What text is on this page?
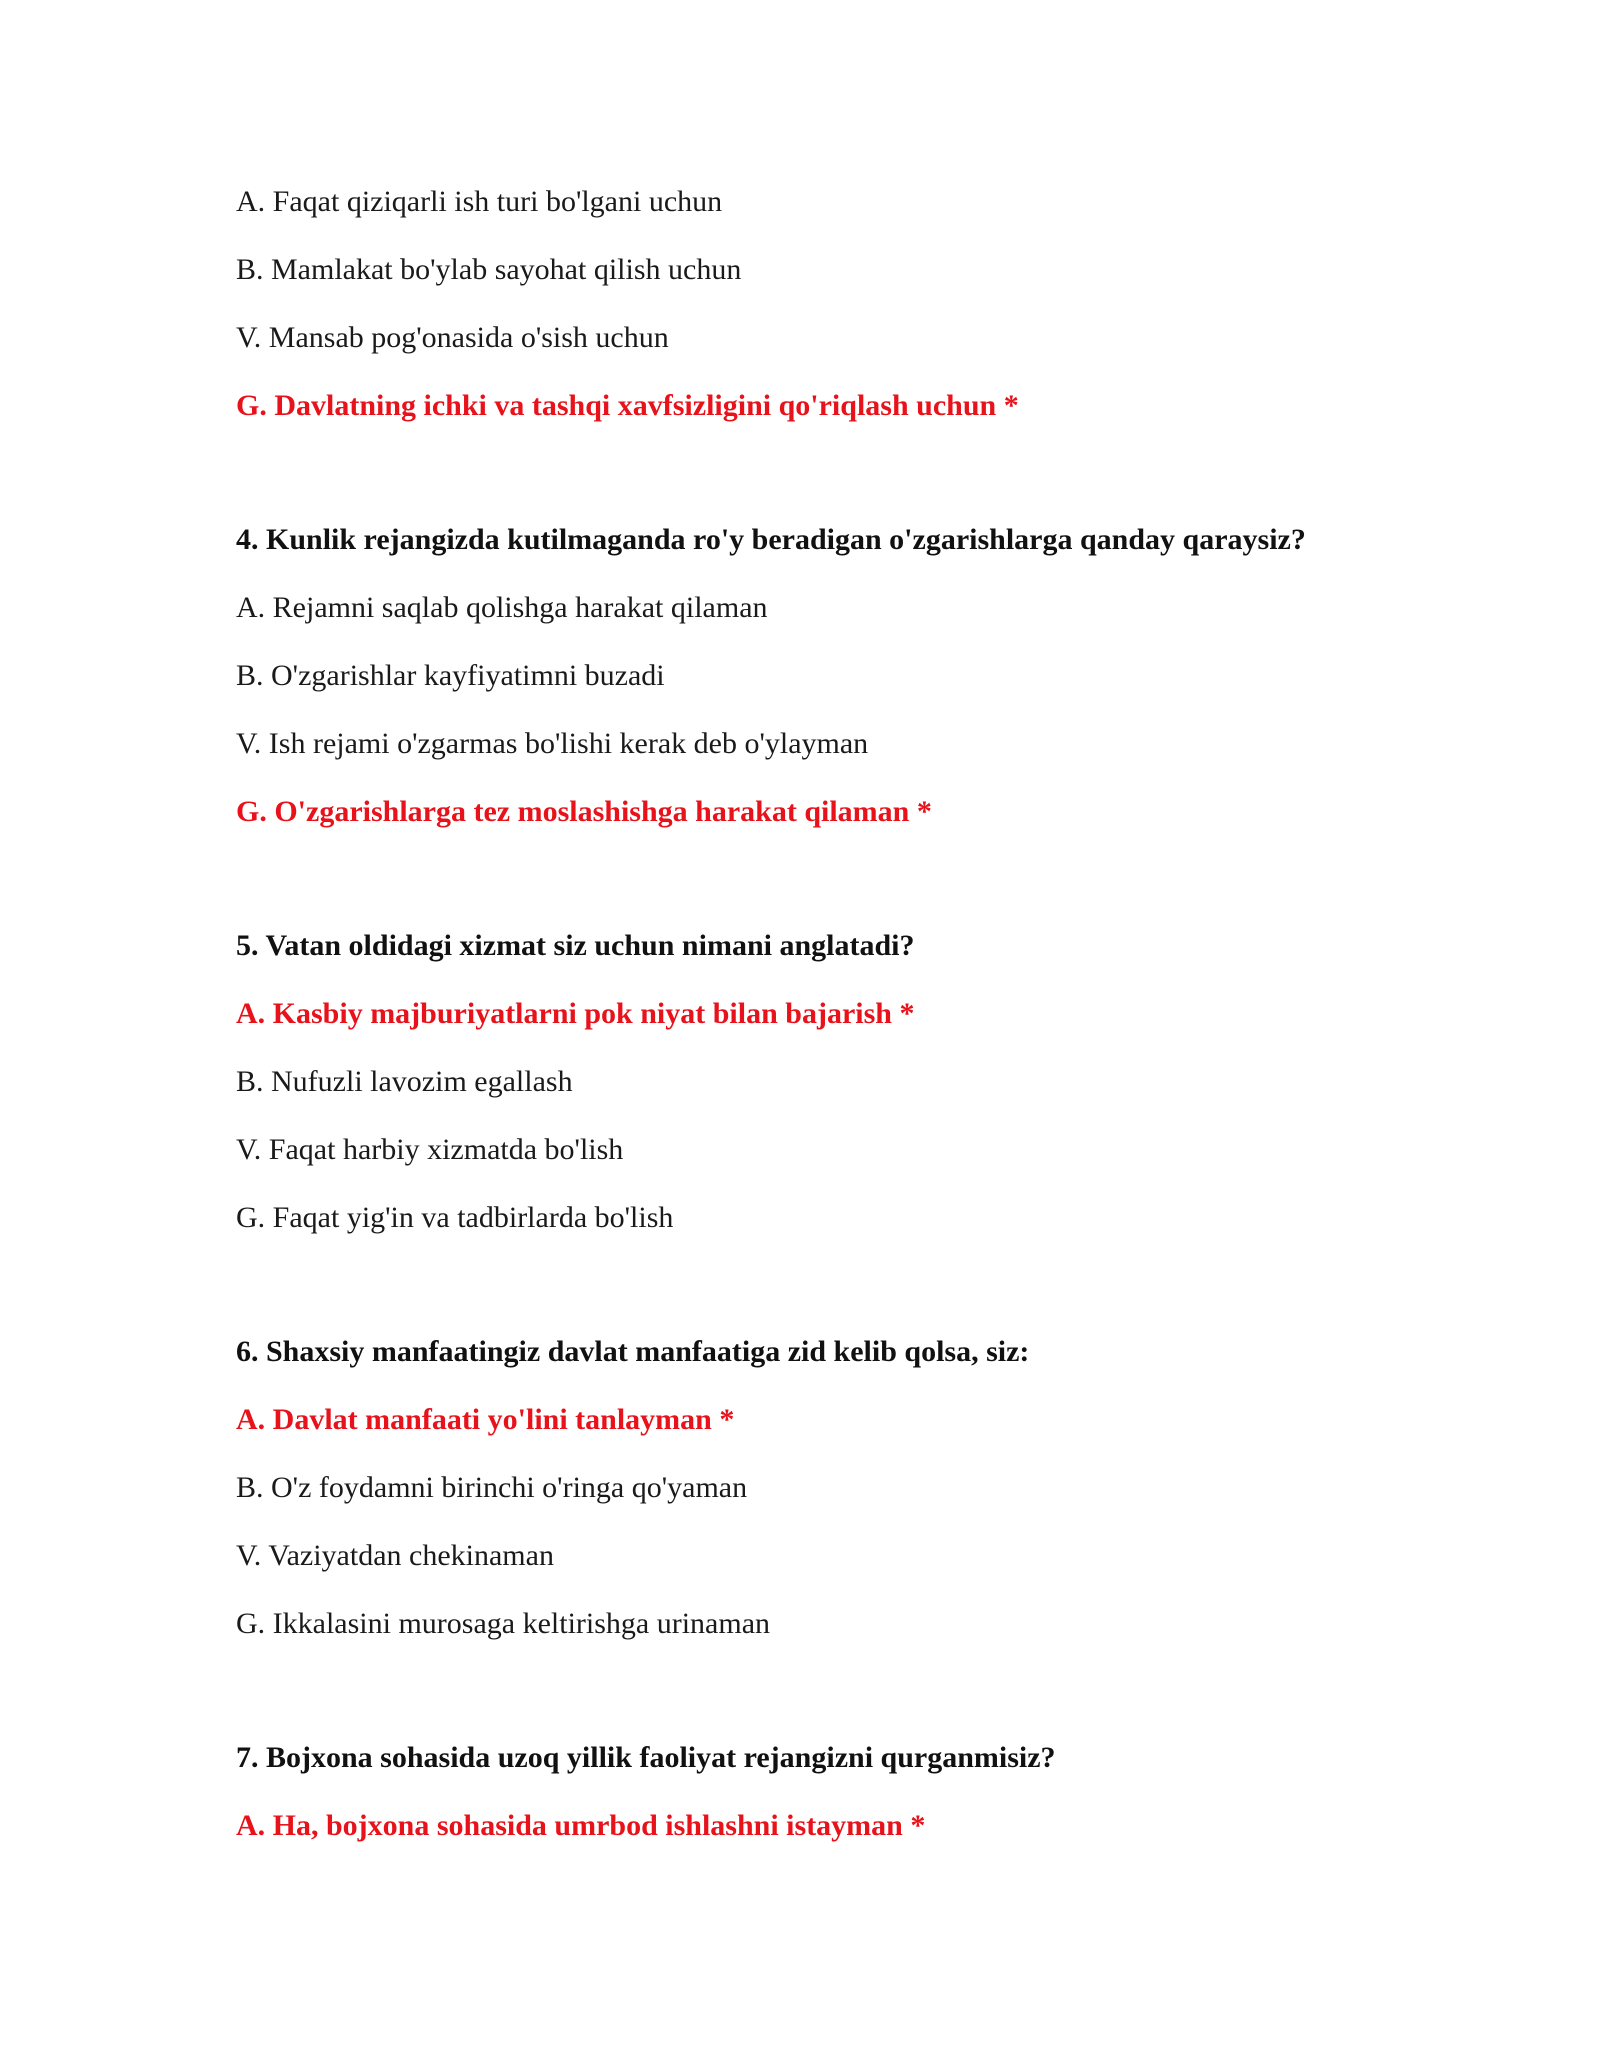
A. Faqat qiziqarli ish turi bo'lgani uchun
B. Mamlakat bo'ylab sayohat qilish uchun
V. Mansab pog'onasida o'sish uchun
G. Davlatning ichki va tashqi xavfsizligini qo'riqlash uchun *
4. Kunlik rejangizda kutilmaganda ro'y beradigan o'zgarishlarga qanday qaraysiz?
A. Rejamni saqlab qolishga harakat qilaman
B. O'zgarishlar kayfiyatimni buzadi
V. Ish rejami o'zgarmas bo'lishi kerak deb o'ylayman
G. O'zgarishlarga tez moslashishga harakat qilaman *
5. Vatan oldidagi xizmat siz uchun nimani anglatadi?
A. Kasbiy majburiyatlarni pok niyat bilan bajarish *
B. Nufuzli lavozim egallash
V. Faqat harbiy xizmatda bo'lish
G. Faqat yig'in va tadbirlarda bo'lish
6. Shaxsiy manfaatingiz davlat manfaatiga zid kelib qolsa, siz:
A. Davlat manfaati yo'lini tanlayman *
B. O'z foydamni birinchi o'ringa qo'yaman
V. Vaziyatdan chekinaman
G. Ikkalasini murosaga keltirishga urinaman
7. Bojxona sohasida uzoq yillik faoliyat rejangizni qurganmisiz?
A. Ha, bojxona sohasida umrbod ishlashni istayman *
